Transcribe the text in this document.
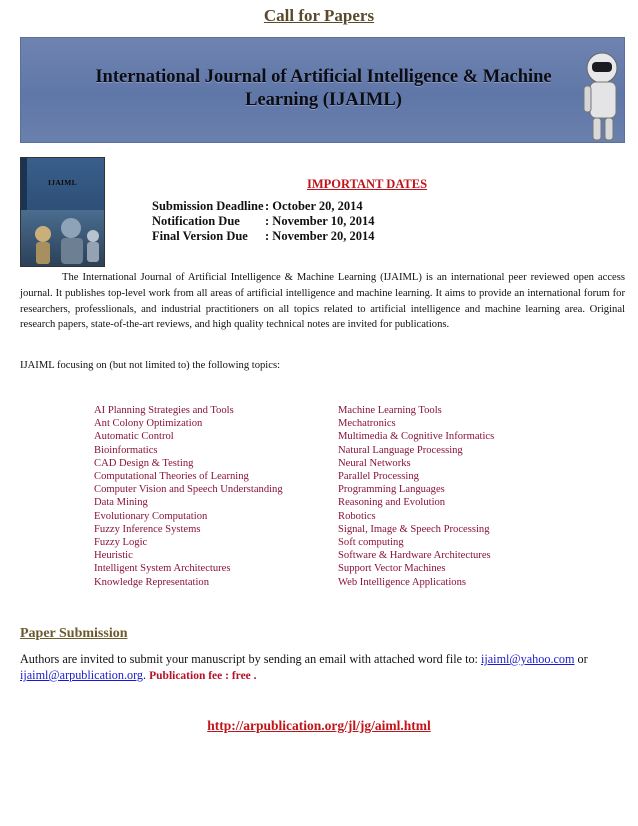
Call for Papers
International Journal of Artificial Intelligence & Machine
Learning (IJAIML)
IJAIML	IMPORTANT DATES
Submission Deadline : October 20, 2014
Notification Due	: November 10, 2014
Final Version Due	: November 20, 2014
The International Journal of Artificial Intelligence & Machine Learning (IJAIML) is an international peer reviewed open access journal. It publishes top-level work from all areas of artificial intelligence and machine learning. It aims to provide an international forum for researchers, professlionals, and industrial practitioners on all topics related to artificial intelligence and machine learning area. Original research papers, state-of-the-art reviews, and high quality technical notes are invited for publications.
IJAIML focusing on (but not limited to) the following topics:
AI Planning Strategies and Tools
Ant Colony Optimization
Automatic Control
Bioinformatics
CAD Design & Testing
Computational Theories of Learning
Computer Vision and Speech Understanding
Data Mining
Evolutionary Computation
Fuzzy Inference Systems
Fuzzy Logic
Heuristic
Intelligent System Architectures
Knowledge Representation
Machine Learning Tools
Mechatronics
Multimedia & Cognitive Informatics
Natural Language Processing
Neural Networks
Parallel Processing
Programming Languages
Reasoning and Evolution
Robotics
Signal, Image & Speech Processing
Soft computing
Software & Hardware Architectures
Support Vector Machines
Web Intelligence Applications
Paper Submission
Authors are invited to submit your manuscript by sending an email with attached word file to: ijaiml@yahoo.com or ijaiml@arpublication.org. Publication fee : free .
http://arpublication.org/jl/jg/aiml.html
